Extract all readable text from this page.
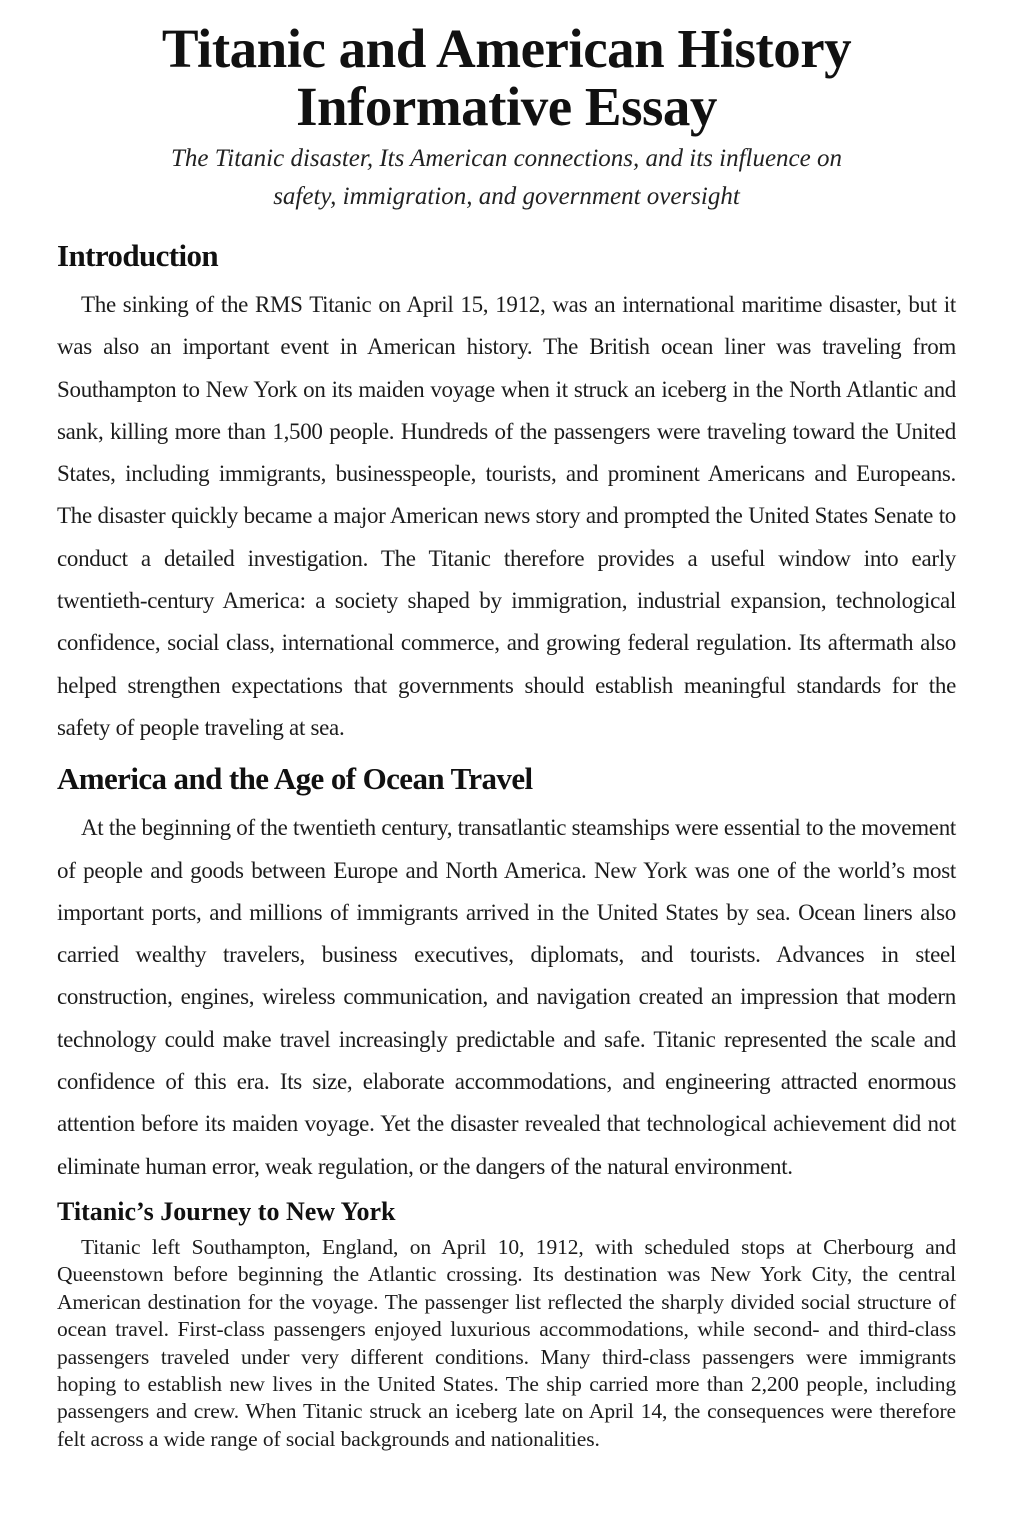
Titanic and American History Informative Essay
The Titanic disaster, Its American connections, and its influence on safety, immigration, and government oversight
Introduction

The sinking of the RMS Titanic on April 15, 1912, was an international maritime disaster, but it was also an important event in American history. The British ocean liner was traveling from Southampton to New York on its maiden voyage when it struck an iceberg in the North Atlantic and sank, killing more than 1,500 people. Hundreds of the passengers were traveling toward the United States, including immigrants, businesspeople, tourists, and prominent Americans and Europeans. The disaster quickly became a major American news story and prompted the United States Senate to conduct a detailed investigation. The Titanic therefore provides a useful window into early twentieth-century America: a society shaped by immigration, industrial expansion, technological confidence, social class, international commerce, and growing federal regulation. Its aftermath also helped strengthen expectations that governments should establish meaningful standards for the safety of people traveling at sea.

America and the Age of Ocean Travel

At the beginning of the twentieth century, transatlantic steamships were essential to the movement of people and goods between Europe and North America. New York was one of the world’s most important ports, and millions of immigrants arrived in the United States by sea. Ocean liners also carried wealthy travelers, business executives, diplomats, and tourists. Advances in steel construction, engines, wireless communication, and navigation created an impression that modern technology could make travel increasingly predictable and safe. Titanic represented the scale and confidence of this era. Its size, elaborate accommodations, and engineering attracted enormous attention before its maiden voyage. Yet the disaster revealed that technological achievement did not eliminate human error, weak regulation, or the dangers of the natural environment.

Titanic’s Journey to New York

Titanic left Southampton, England, on April 10, 1912, with scheduled stops at Cherbourg and Queenstown before beginning the Atlantic crossing. Its destination was New York City, the central American destination for the voyage. The passenger list reflected the sharply divided social structure of ocean travel. First-class passengers enjoyed luxurious accommodations, while second- and third-class passengers traveled under very different conditions. Many third-class passengers were immigrants hoping to establish new lives in the United States. The ship carried more than 2,200 people, including passengers and crew. When Titanic struck an iceberg late on April 14, the consequences were therefore felt across a wide range of social backgrounds and nationalities.
